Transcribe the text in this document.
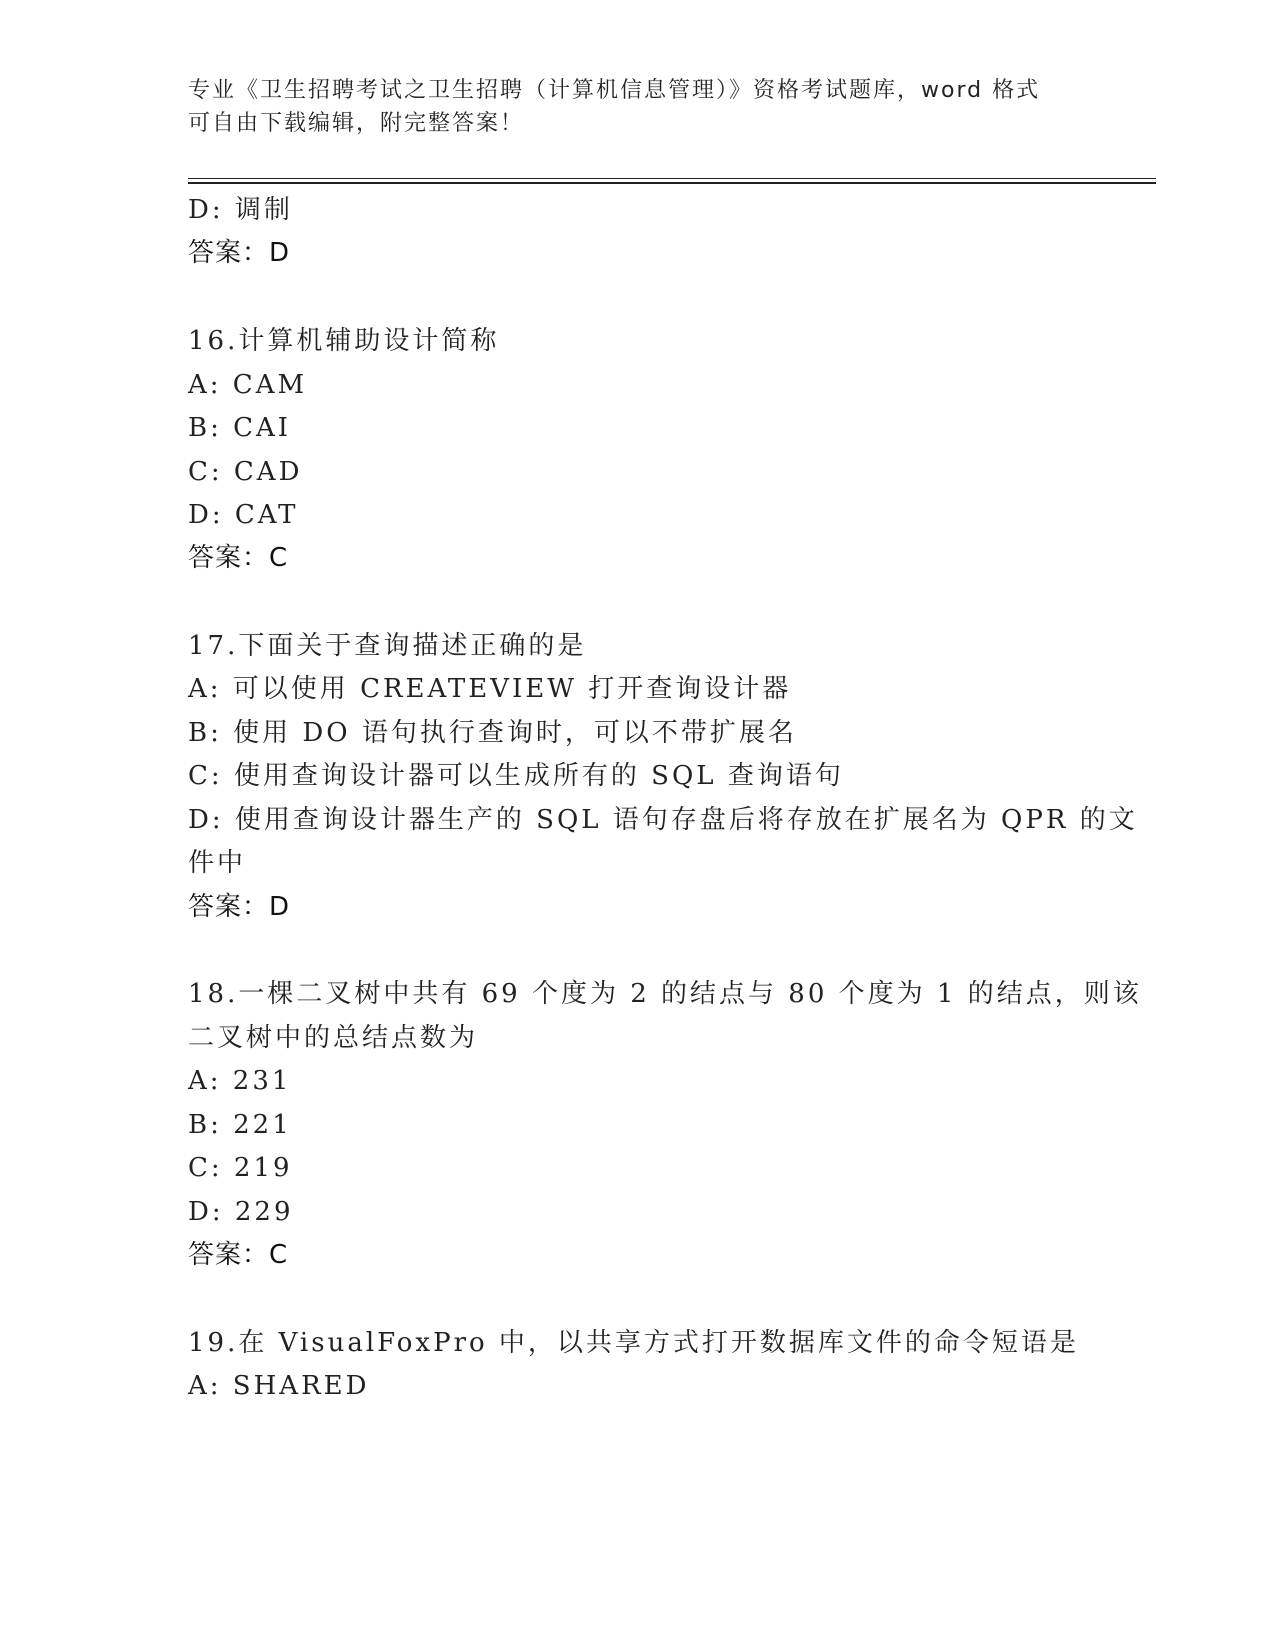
专业《卫生招聘考试之卫生招聘（计算机信息管理）》资格考试题库，word 格式
可自由下载编辑，附完整答案！
D: 调制
答案：D
16.计算机辅助设计简称
A: CAM
B: CAI
C: CAD
D: CAT
答案：C
17.下面关于查询描述正确的是
A: 可以使用 CREATEVIEW 打开查询设计器
B: 使用 DO 语句执行查询时，可以不带扩展名
C: 使用查询设计器可以生成所有的 SQL 查询语句
D: 使用查询设计器生产的 SQL 语句存盘后将存放在扩展名为 QPR 的文
件中
答案：D
18.一棵二叉树中共有 69 个度为 2 的结点与 80 个度为 1 的结点，则该
二叉树中的总结点数为
A: 231
B: 221
C: 219
D: 229
答案：C
19.在 VisualFoxPro 中，以共享方式打开数据库文件的命令短语是
A: SHARED
